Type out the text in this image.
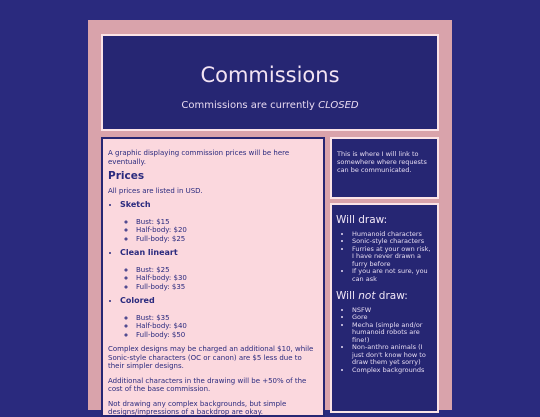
Commissions
Commissions are currently CLOSED

A graphic displaying commission prices will be here eventually.

Prices

All prices are listed in USD.

• Sketch
◦ Bust: $15
◦ Half-body: $20
◦ Full-body: $25
• Clean lineart
◦ Bust: $25
◦ Half-body: $30
◦ Full-body: $35
• Colored
◦ Bust: $35
◦ Half-body: $40
◦ Full-body: $50

Complex designs may be charged an additional $10, while Sonic-style characters (OC or canon) are $5 less due to their simpler designs.

Additional characters in the drawing will be +50% of the cost of the base commission.

Not drawing any complex backgrounds, but simple designs/impressions of a backdrop are okay.

This is where I will link to somewhere where requests can be communicated.
Will draw:
• Humanoid characters
• Sonic-style characters
• Furries at your own risk, I have never drawn a furry before
• If you are not sure, you can ask
Will not draw:
• NSFW
• Gore
• Mecha (simple and/or humanoid robots are fine!)
• Non-anthro animals (I just don't know how to draw them yet sorry)
• Complex backgrounds
